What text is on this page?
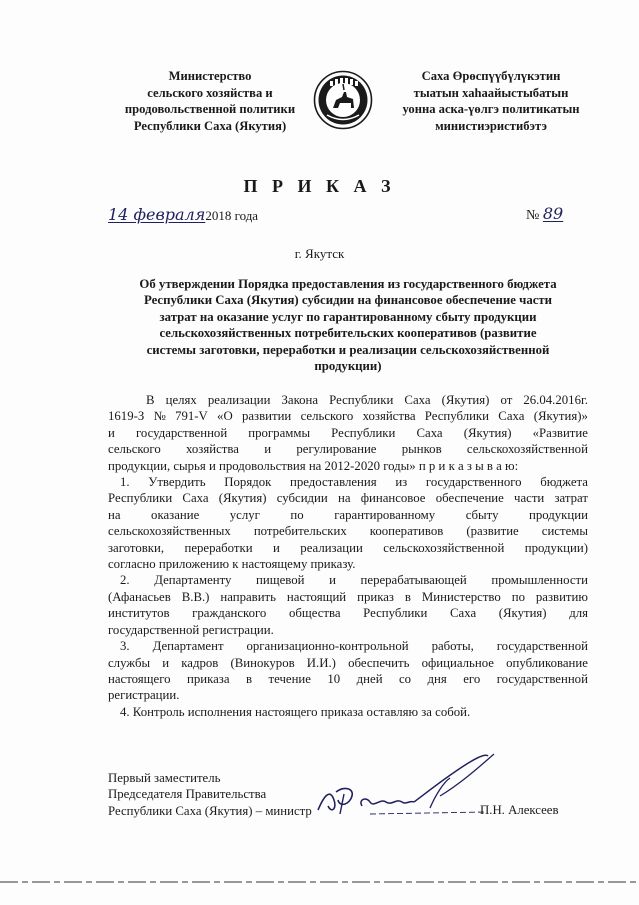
Министерство
сельского хозяйства и
продовольственной политики
Республики Саха (Якутия)
Саха Өрөспүүбүлүкэтин
тыатын хаһаайыстыбатын
уонна аска-үөлгэ политикатын
министиэристибэтэ
П Р И К А З
14 февраля2018 года	№ 89
г. Якутск
Об утверждении Порядка предоставления из государственного бюджета
Республики Саха (Якутия) субсидии на финансовое обеспечение части
затрат на оказание услуг по гарантированному сбыту продукции
сельскохозяйственных потребительских кооперативов (развитие
системы заготовки, переработки и реализации сельскохозяйственной
продукции)
В целях реализации Закона Республики Саха (Якутия) от 26.04.2016г.
1619-З № 791-V «О развитии сельского хозяйства Республики Саха (Якутия)»
и государственной программы Республики Саха (Якутия) «Развитие
сельского хозяйства и регулирование рынков сельскохозяйственной
продукции, сырья и продовольствия на 2012-2020 годы» п р и к а з ы в а ю:
1. Утвердить Порядок предоставления из государственного бюджета
Республики Саха (Якутия) субсидии на финансовое обеспечение части затрат
на оказание услуг по гарантированному сбыту продукции
сельскохозяйственных потребительских кооперативов (развитие системы
заготовки, переработки и реализации сельскохозяйственной продукции)
согласно приложению к настоящему приказу.
2. Департаменту пищевой и перерабатывающей промышленности
(Афанасьев В.В.) направить настоящий приказ в Министерство по развитию
институтов гражданского общества Республики Саха (Якутия) для
государственной регистрации.
3. Департамент организационно-контрольной работы, государственной
службы и кадров (Винокуров И.И.) обеспечить официальное опубликование
настоящего приказа в течение 10 дней со дня его государственной
регистрации.
4. Контроль исполнения настоящего приказа оставляю за собой.
Первый заместитель
Председателя Правительства
Республики Саха (Якутия) – министр	П.Н. Алексеев
